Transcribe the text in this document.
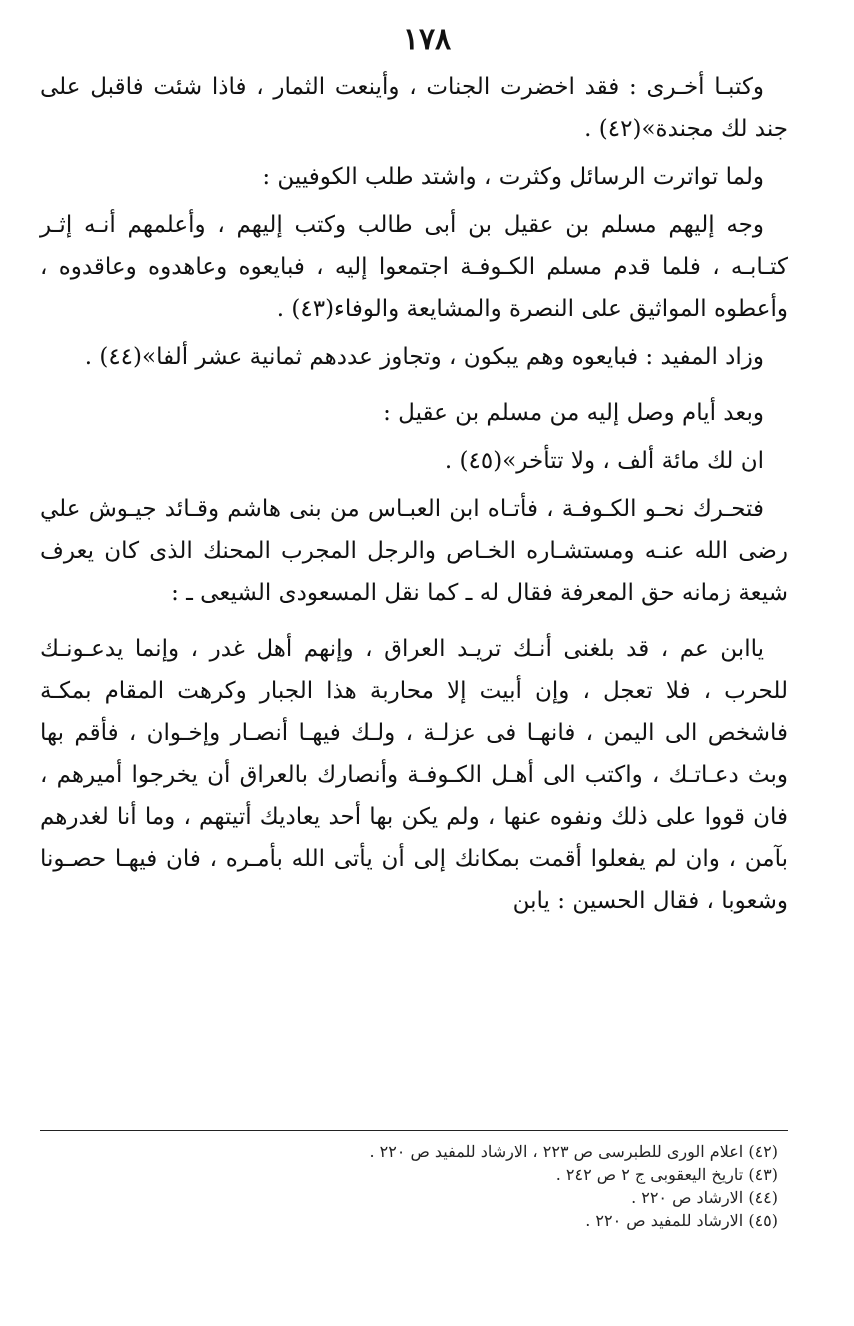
١٧٨

وكتبـا أخـرى : فقد اخضرت الجنات ، وأينعت الثمار ، فاذا شئت فاقبل على جند لك مجندة»(٤٢) .

ولما تواترت الرسائل وكثرت ، واشتد طلب الكوفيين :

وجه إليهم مسلم بن عقيل بن أبى طالب وكتب إليهم ، وأعلمهم أنـه إثـر كتـابـه ، فلما قدم مسلم الكـوفـة اجتمعوا إليه ، فبايعوه وعاهدوه وعاقدوه ، وأعطوه المواثيق على النصرة والمشايعة والوفاء(٤٣) .

وزاد المفيد : فبايعوه وهم يبكون ، وتجاوز عددهم ثمانية عشر ألفا»(٤٤) .

وبعد أيام وصل إليه من مسلم بن عقيل :

ان لك مائة ألف ، ولا تتأخر»(٤٥) .

فتحـرك نحـو الكـوفـة ، فأتـاه ابن العبـاس من بنى هاشم وقـائد جيـوش علي رضى الله عنـه ومستشـاره الخـاص والرجل المجرب المحنك الذى كان يعرف شيعة زمانه حق المعرفة فقال له ـ كما نقل المسعودى الشيعى ـ :

ياابن عم ، قد بلغنى أنـك تريـد العراق ، وإنهم أهل غدر ، وإنما يدعـونـك للحرب ، فلا تعجل ، وإن أبيت إلا محاربة هذا الجبار وكرهت المقام بمكـة فاشخص الى اليمن ، فانهـا فى عزلـة ، ولـك فيهـا أنصـار وإخـوان ، فأقم بها وبث دعـاتـك ، واكتب الى أهـل الكـوفـة وأنصارك بالعراق أن يخرجوا أميرهم ، فان قووا على ذلك ونفوه عنها ، ولم يكن بها أحد يعاديك أتيتهم ، وما أنا لغدرهم بآمن ، وان لم يفعلوا أقمت بمكانك إلى أن يأتى الله بأمـره ، فان فيهـا حصـونا وشعوبا ، فقال الحسين : يابن

(٤٢) اعلام الورى للطبرسى ص ٢٢٣ ، الارشاد للمفيد ص ٢٢٠ .
(٤٣) تاريخ اليعقوبى ج ٢ ص ٢٤٢ .
(٤٤) الارشاد ص ٢٢٠ .
(٤٥) الارشاد للمفيد ص ٢٢٠ .
